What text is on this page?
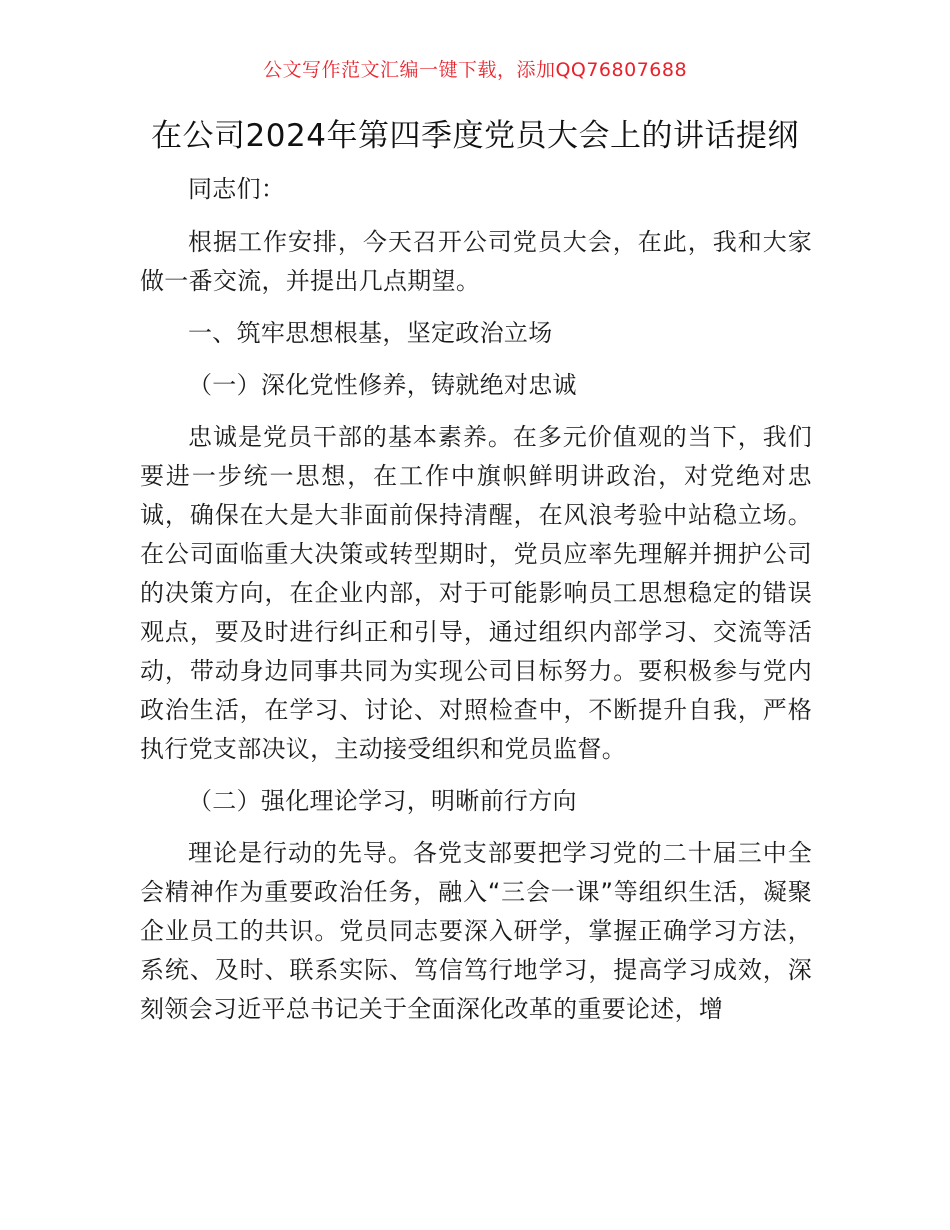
公文写作范文汇编一键下载，添加QQ76807688
在公司2024年第四季度党员大会上的讲话提纲

同志们：

根据工作安排，今天召开公司党员大会，在此，我和大家做一番交流，并提出几点期望。

一、筑牢思想根基，坚定政治立场

（一）深化党性修养，铸就绝对忠诚

忠诚是党员干部的基本素养。在多元价值观的当下，我们要进一步统一思想，在工作中旗帜鲜明讲政治，对党绝对忠诚，确保在大是大非面前保持清醒，在风浪考验中站稳立场。在公司面临重大决策或转型期时，党员应率先理解并拥护公司的决策方向，在企业内部，对于可能影响员工思想稳定的错误观点，要及时进行纠正和引导，通过组织内部学习、交流等活动，带动身边同事共同为实现公司目标努力。要积极参与党内政治生活，在学习、讨论、对照检查中，不断提升自我，严格执行党支部决议，主动接受组织和党员监督。

（二）强化理论学习，明晰前行方向

理论是行动的先导。各党支部要把学习党的二十届三中全会精神作为重要政治任务，融入“三会一课”等组织生活，凝聚企业员工的共识。党员同志要深入研学，掌握正确学习方法，系统、及时、联系实际、笃信笃行地学习，提高学习成效，深刻领会习近平总书记关于全面深化改革的重要论述，增
